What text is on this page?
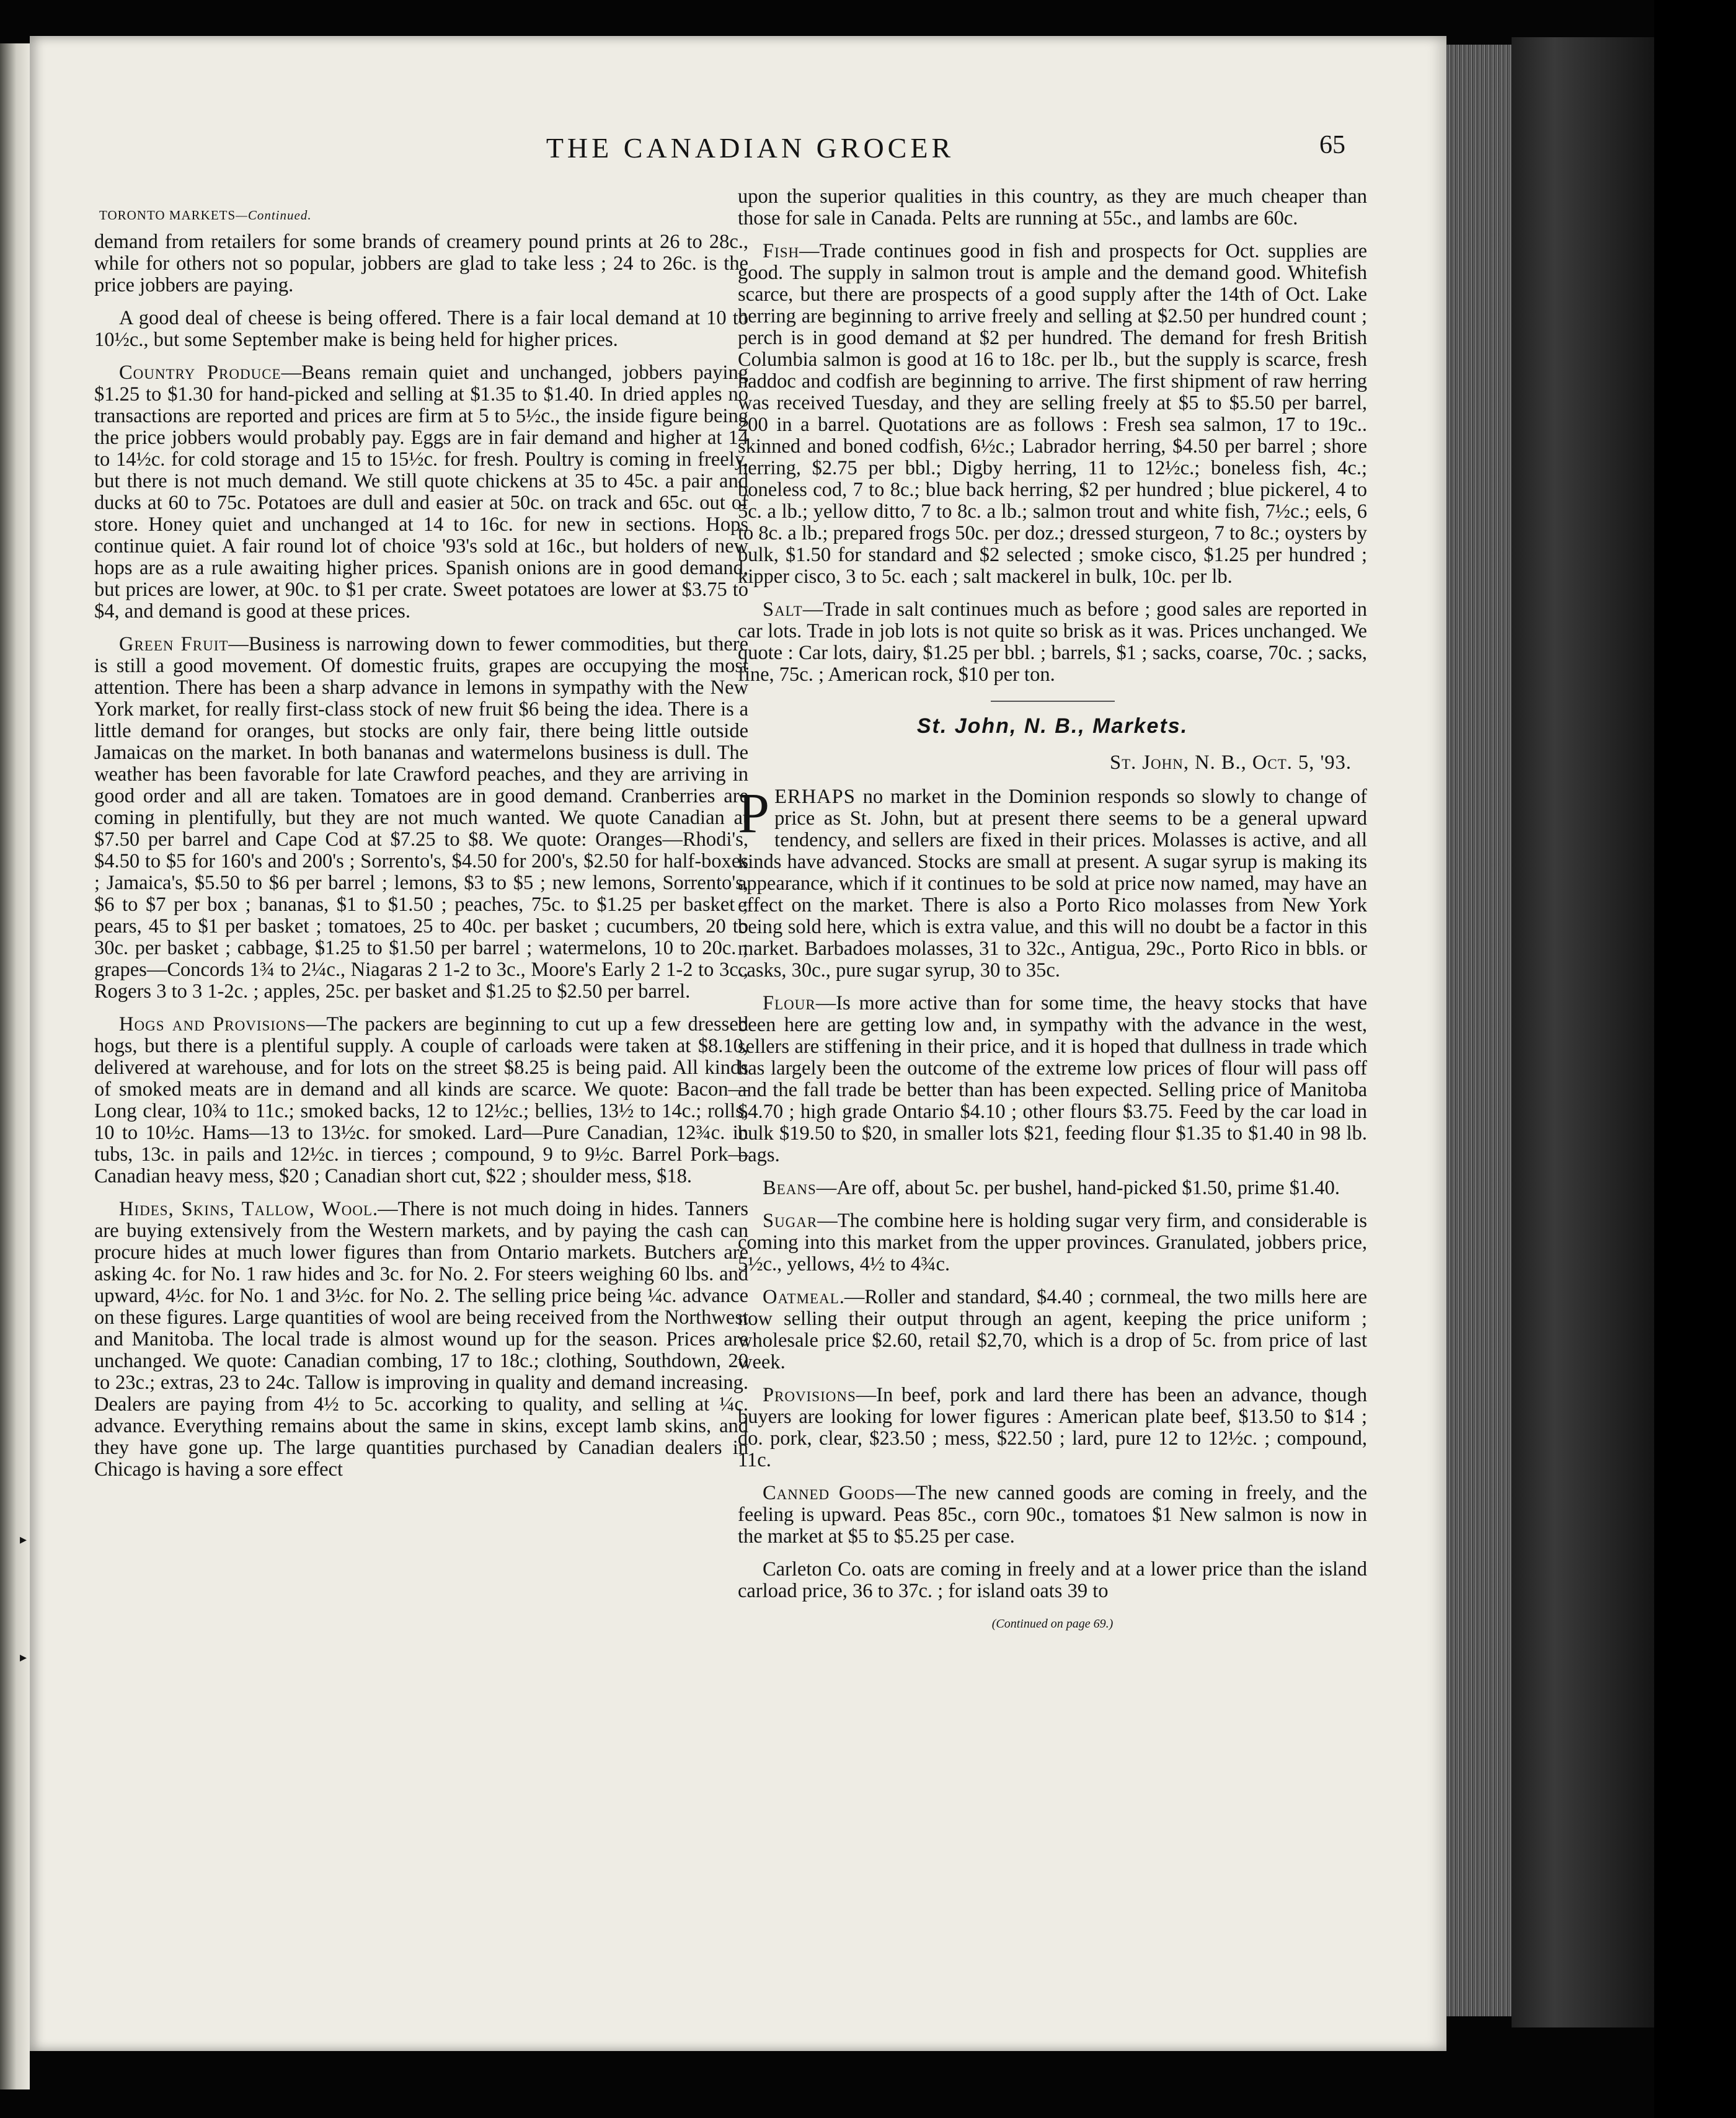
THE CANADIAN GROCER	65
▸
▸
TORONTO MARKETS—Continued.

demand from retailers for some brands of creamery pound prints at 26 to 28c., while for others not so popular, jobbers are glad to take less ; 24 to 26c. is the price jobbers are paying.

A good deal of cheese is being offered. There is a fair local demand at 10 to 10½c., but some September make is being held for higher prices.

Country Produce—Beans remain quiet and unchanged, jobbers paying $1.25 to $1.30 for hand-picked and selling at $1.35 to $1.40. In dried apples no transactions are reported and prices are firm at 5 to 5½c., the inside figure being the price jobbers would probably pay. Eggs are in fair demand and higher at 14 to 14½c. for cold storage and 15 to 15½c. for fresh. Poultry is coming in freely, but there is not much demand. We still quote chickens at 35 to 45c. a pair and ducks at 60 to 75c. Potatoes are dull and easier at 50c. on track and 65c. out of store. Honey quiet and unchanged at 14 to 16c. for new in sections. Hops continue quiet. A fair round lot of choice '93's sold at 16c., but holders of new hops are as a rule awaiting higher prices. Spanish onions are in good demand, but prices are lower, at 90c. to $1 per crate. Sweet potatoes are lower at $3.75 to $4, and demand is good at these prices.

Green Fruit—Business is narrowing down to fewer commodities, but there is still a good movement. Of domestic fruits, grapes are occupying the most attention. There has been a sharp advance in lemons in sympathy with the New York market, for really first-class stock of new fruit $6 being the idea. There is a little demand for oranges, but stocks are only fair, there being little outside Jamaicas on the market. In both bananas and watermelons business is dull. The weather has been favorable for late Crawford peaches, and they are arriving in good order and all are taken. Tomatoes are in good demand. Cranberries are coming in plentifully, but they are not much wanted. We quote Canadian at $7.50 per barrel and Cape Cod at $7.25 to $8. We quote: Oranges—Rhodi's, $4.50 to $5 for 160's and 200's ; Sorrento's, $4.50 for 200's, $2.50 for half-boxes ; Jamaica's, $5.50 to $6 per barrel ; lemons, $3 to $5 ; new lemons, Sorrento's, $6 to $7 per box ; bananas, $1 to $1.50 ; peaches, 75c. to $1.25 per basket ; pears, 45 to $1 per basket ; tomatoes, 25 to 40c. per basket ; cucumbers, 20 to 30c. per basket ; cabbage, $1.25 to $1.50 per barrel ; watermelons, 10 to 20c. ; grapes—Concords 1¾ to 2¼c., Niagaras 2 1-2 to 3c., Moore's Early 2 1-2 to 3c., Rogers 3 to 3 1-2c. ; apples, 25c. per basket and $1.25 to $2.50 per barrel.

Hogs and Provisions—The packers are beginning to cut up a few dressed hogs, but there is a plentiful supply. A couple of carloads were taken at $8.10, delivered at warehouse, and for lots on the street $8.25 is being paid. All kinds of smoked meats are in demand and all kinds are scarce. We quote: Bacon—Long clear, 10¾ to 11c.; smoked backs, 12 to 12½c.; bellies, 13½ to 14c.; rolls, 10 to 10½c. Hams—13 to 13½c. for smoked. Lard—Pure Canadian, 12¾c. in tubs, 13c. in pails and 12½c. in tierces ; compound, 9 to 9½c. Barrel Pork—Canadian heavy mess, $20 ; Canadian short cut, $22 ; shoulder mess, $18.

Hides, Skins, Tallow, Wool.—There is not much doing in hides. Tanners are buying extensively from the Western markets, and by paying the cash can procure hides at much lower figures than from Ontario markets. Butchers are asking 4c. for No. 1 raw hides and 3c. for No. 2. For steers weighing 60 lbs. and upward, 4½c. for No. 1 and 3½c. for No. 2. The selling price being ¼c. advance on these figures. Large quantities of wool are being received from the Northwest and Manitoba. The local trade is almost wound up for the season. Prices are unchanged. We quote: Canadian combing, 17 to 18c.; clothing, Southdown, 20 to 23c.; extras, 23 to 24c. Tallow is improving in quality and demand increasing. Dealers are paying from 4½ to 5c. accorking to quality, and selling at ¼c. advance. Everything remains about the same in skins, except lamb skins, and they have gone up. The large quantities purchased by Canadian dealers in Chicago is having a sore effect

upon the superior qualities in this country, as they are much cheaper than those for sale in Canada. Pelts are running at 55c., and lambs are 60c.

Fish—Trade continues good in fish and prospects for Oct. supplies are good. The supply in salmon trout is ample and the demand good. Whitefish scarce, but there are prospects of a good supply after the 14th of Oct. Lake herring are beginning to arrive freely and selling at $2.50 per hundred count ; perch is in good demand at $2 per hundred. The demand for fresh British Columbia salmon is good at 16 to 18c. per lb., but the supply is scarce, fresh haddoc and codfish are beginning to arrive. The first shipment of raw herring was received Tuesday, and they are selling freely at $5 to $5.50 per barrel, 200 in a barrel. Quotations are as follows : Fresh sea salmon, 17 to 19c.. skinned and boned codfish, 6½c.; Labrador herring, $4.50 per barrel ; shore herring, $2.75 per bbl.; Digby herring, 11 to 12½c.; boneless fish, 4c.; boneless cod, 7 to 8c.; blue back herring, $2 per hundred ; blue pickerel, 4 to 5c. a lb.; yellow ditto, 7 to 8c. a lb.; salmon trout and white fish, 7½c.; eels, 6 to 8c. a lb.; prepared frogs 50c. per doz.; dressed sturgeon, 7 to 8c.; oysters by bulk, $1.50 for standard and $2 selected ; smoke cisco, $1.25 per hundred ; kipper cisco, 3 to 5c. each ; salt mackerel in bulk, 10c. per lb.

Salt—Trade in salt continues much as before ; good sales are reported in car lots. Trade in job lots is not quite so brisk as it was. Prices unchanged. We quote : Car lots, dairy, $1.25 per bbl. ; barrels, $1 ; sacks, coarse, 70c. ; sacks, fine, 75c. ; American rock, $10 per ton.

St. John, N. B., Markets.
St. John, N. B., Oct. 5, '93.

PERHAPS no market in the Dominion responds so slowly to change of price as St. John, but at present there seems to be a general upward tendency, and sellers are fixed in their prices. Molasses is active, and all kinds have advanced. Stocks are small at present. A sugar syrup is making its appearance, which if it continues to be sold at price now named, may have an effect on the market. There is also a Porto Rico molasses from New York being sold here, which is extra value, and this will no doubt be a factor in this market. Barbadoes molasses, 31 to 32c., Antigua, 29c., Porto Rico in bbls. or casks, 30c., pure sugar syrup, 30 to 35c.

Flour—Is more active than for some time, the heavy stocks that have been here are getting low and, in sympathy with the advance in the west, sellers are stiffening in their price, and it is hoped that dullness in trade which has largely been the outcome of the extreme low prices of flour will pass off and the fall trade be better than has been expected. Selling price of Manitoba $4.70 ; high grade Ontario $4.10 ; other flours $3.75. Feed by the car load in bulk $19.50 to $20, in smaller lots $21, feeding flour $1.35 to $1.40 in 98 lb. bags.

Beans—Are off, about 5c. per bushel, hand-picked $1.50, prime $1.40.

Sugar—The combine here is holding sugar very firm, and considerable is coming into this market from the upper provinces. Granulated, jobbers price, 5½c., yellows, 4½ to 4¾c.

Oatmeal.—Roller and standard, $4.40 ; cornmeal, the two mills here are now selling their output through an agent, keeping the price uniform ; wholesale price $2.60, retail $2,70, which is a drop of 5c. from price of last week.

Provisions—In beef, pork and lard there has been an advance, though buyers are looking for lower figures : American plate beef, $13.50 to $14 ; do. pork, clear, $23.50 ; mess, $22.50 ; lard, pure 12 to 12½c. ; compound, 11c.

Canned Goods—The new canned goods are coming in freely, and the feeling is upward. Peas 85c., corn 90c., tomatoes $1 New salmon is now in the market at $5 to $5.25 per case.

Carleton Co. oats are coming in freely and at a lower price than the island carload price, 36 to 37c. ; for island oats 39 to

(Continued on page 69.)
